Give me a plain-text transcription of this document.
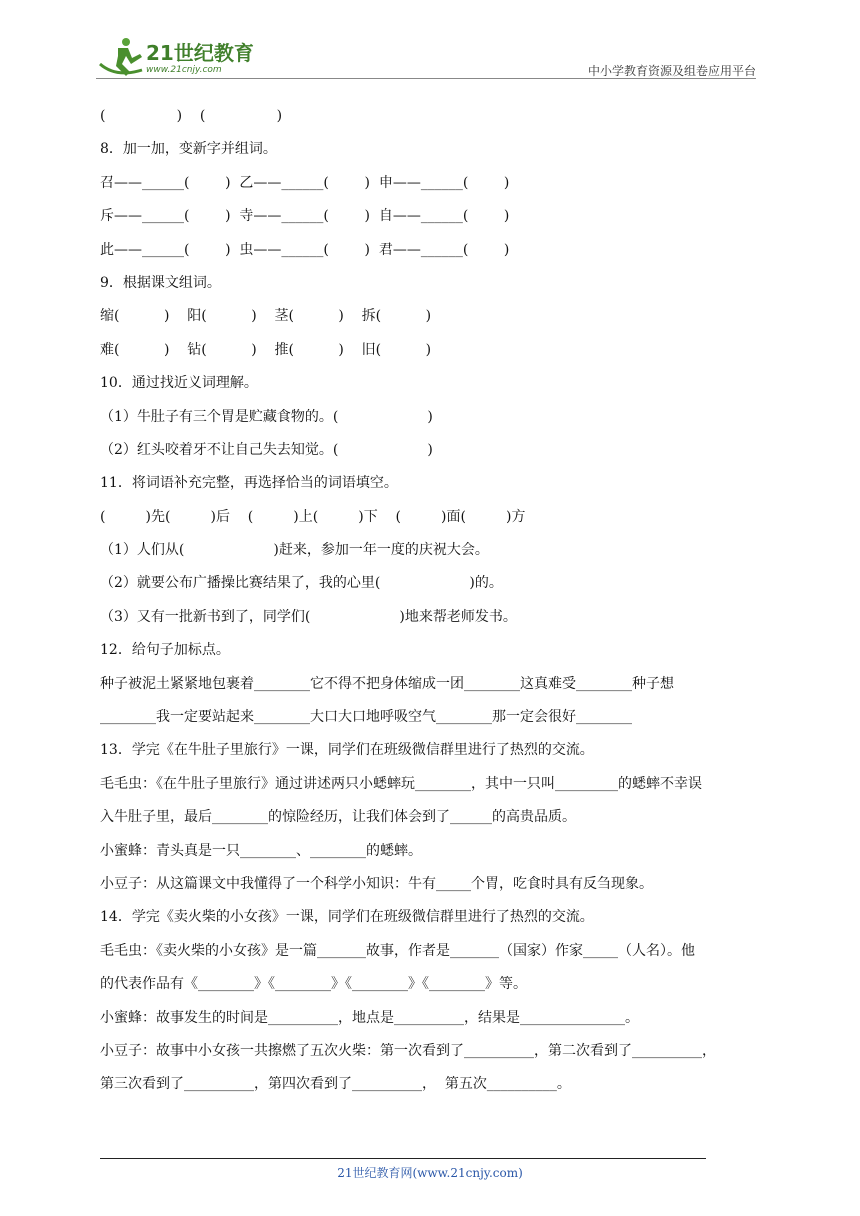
21世纪教育
www.21cnjy.com	中小学教育资源及组卷应用平台
(                )    (                )
8．加一加，变新字并组词。
召——______(        )  乙——______(        )  申——______(        )
斥——______(        )  寺——______(        )  自——______(        )
此——______(        )  虫——______(        )  君——______(        )
9．根据课文组词。
缩(          )    阳(          )    茎(          )    拆(          )
难(          )    钻(          )    推(          )    旧(          )
10．通过找近义词理解。
（1）牛肚子有三个胃是贮藏食物的。(                    )
（2）红头咬着牙不让自己失去知觉。(                    )
11．将词语补充完整，再选择恰当的词语填空。
(         )先(         )后    (         )上(         )下    (         )面(         )方
（1）人们从(                    )赶来，参加一年一度的庆祝大会。
（2）就要公布广播操比赛结果了，我的心里(                    )的。
（3）又有一批新书到了，同学们(                    )地来帮老师发书。
12．给句子加标点。
种子被泥土紧紧地包裹着________它不得不把身体缩成一团________这真难受________种子想
________我一定要站起来________大口大口地呼吸空气________那一定会很好________
13．学完《在牛肚子里旅行》一课，同学们在班级微信群里进行了热烈的交流。
毛毛虫：《在牛肚子里旅行》通过讲述两只小蟋蟀玩________，其中一只叫_________的蟋蟀不幸误
入牛肚子里，最后________的惊险经历，让我们体会到了______的高贵品质。
小蜜蜂：青头真是一只________、________的蟋蟀。
小豆子：从这篇课文中我懂得了一个科学小知识：牛有_____个胃，吃食时具有反刍现象。
14．学完《卖火柴的小女孩》一课，同学们在班级微信群里进行了热烈的交流。
毛毛虫：《卖火柴的小女孩》是一篇_______故事，作者是_______（国家）作家_____（人名）。他
的代表作品有《________》《________》《________》《________》等。
小蜜蜂：故事发生的时间是__________，地点是__________，结果是_______________。
小豆子：故事中小女孩一共擦燃了五次火柴：第一次看到了__________，第二次看到了__________，
第三次看到了__________，第四次看到了__________，  第五次__________。
21世纪教育网(www.21cnjy.com)
